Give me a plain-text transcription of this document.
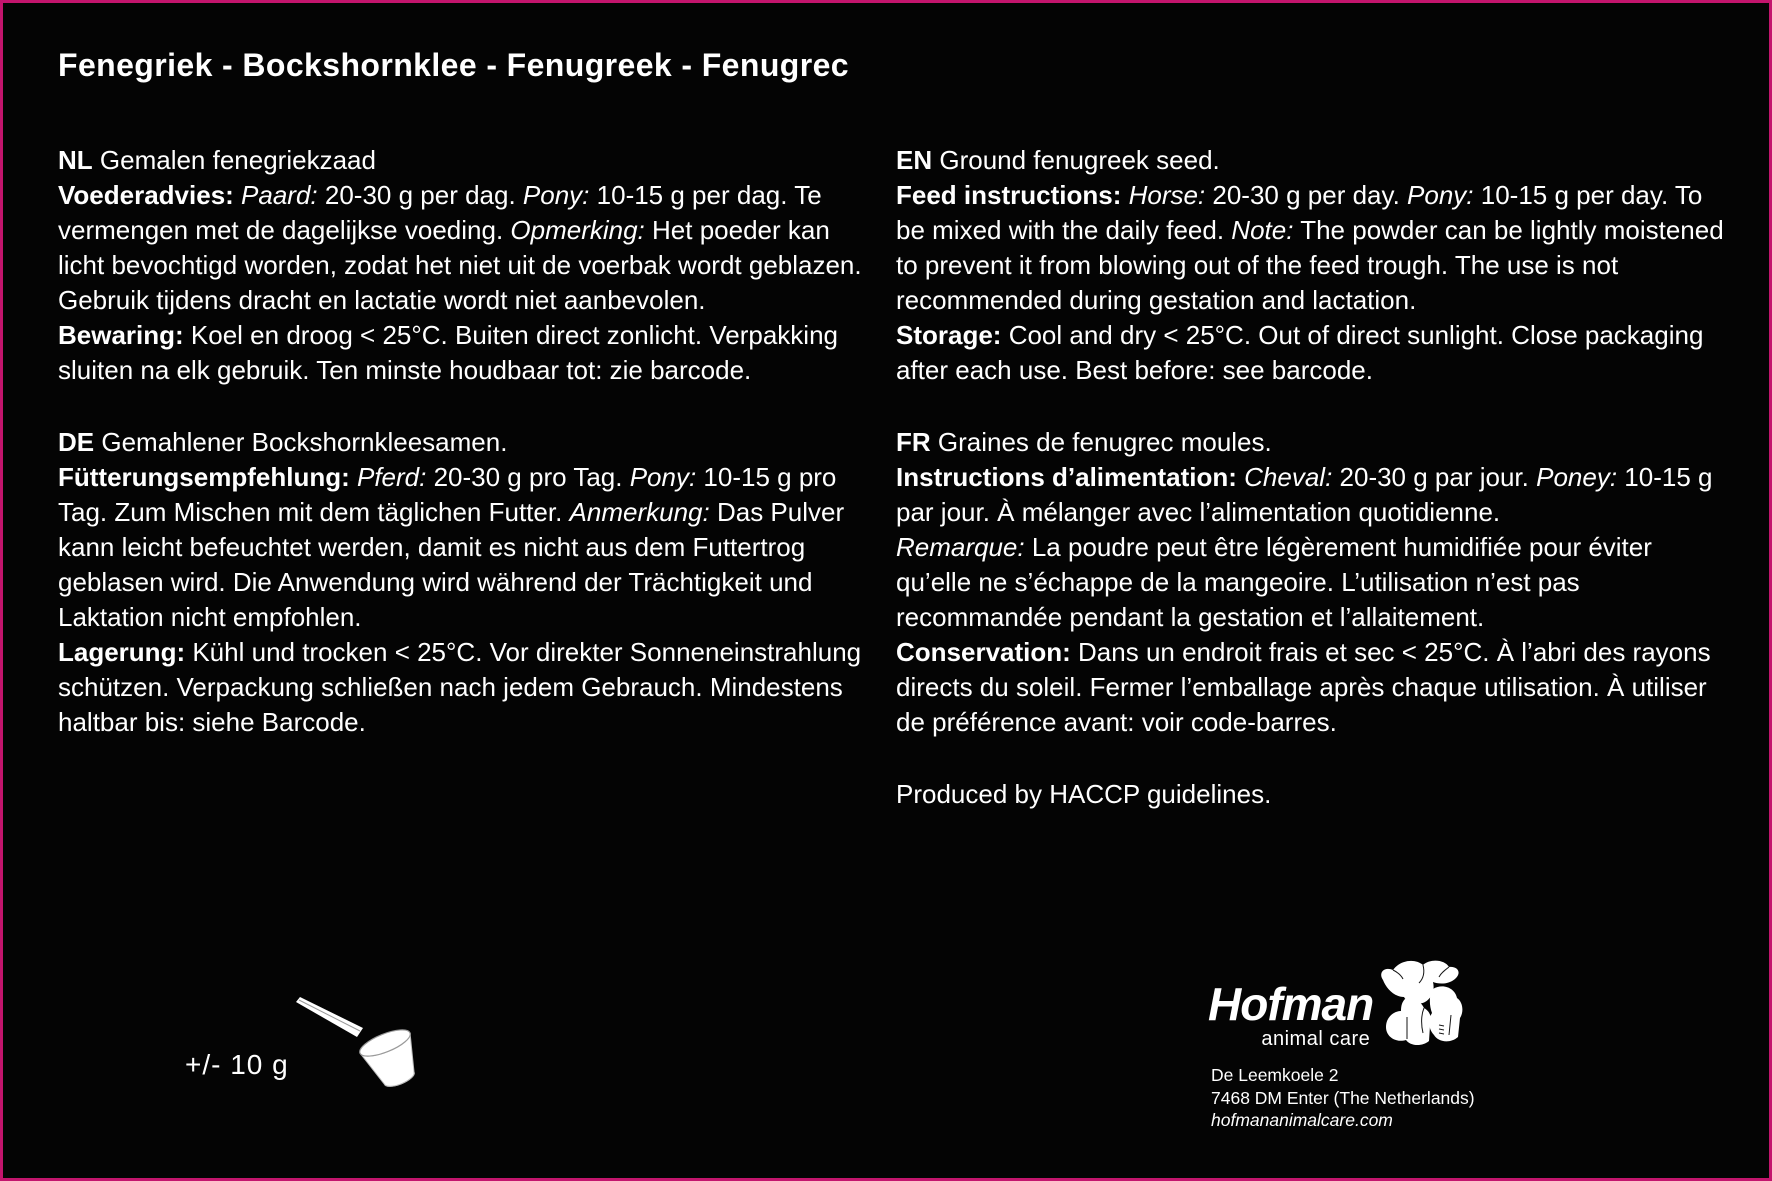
Fenegriek - Bockshornklee - Fenugreek - Fenugrec

NL Gemalen fenegriekzaad

Voederadvies: Paard: 20-30 g per dag. Pony: 10-15 g per dag. Te vermengen met de dagelijkse voeding. Opmerking: Het poeder kan licht bevochtigd worden, zodat het niet uit de voerbak wordt geblazen. Gebruik tijdens dracht en lactatie wordt niet aanbevolen.

Bewaring: Koel en droog < 25°C. Buiten direct zonlicht. Verpakking sluiten na elk gebruik. Ten minste houdbaar tot: zie barcode.

DE Gemahlener Bockshornkleesamen.

Fütterungsempfehlung: Pferd: 20-30 g pro Tag. Pony: 10-15 g pro Tag. Zum Mischen mit dem täglichen Futter. Anmerkung: Das Pulver kann leicht befeuchtet werden, damit es nicht aus dem Futtertrog geblasen wird. Die Anwendung wird während der Trächtigkeit und Laktation nicht empfohlen.

Lagerung: Kühl und trocken < 25°C. Vor direkter Sonneneinstrahlung schützen. Verpackung schließen nach jedem Gebrauch. Mindestens haltbar bis: siehe Barcode.

EN Ground fenugreek seed.

Feed instructions: Horse: 20-30 g per day. Pony: 10-15 g per day. To be mixed with the daily feed. Note: The powder can be lightly moistened to prevent it from blowing out of the feed trough. The use is not recommended during gestation and lactation.

Storage: Cool and dry < 25°C. Out of direct sunlight. Close packaging after each use. Best before: see barcode.

FR Graines de fenugrec moules.

Instructions d’alimentation: Cheval: 20-30 g par jour. Poney: 10-15 g par jour. À mélanger avec l’alimentation quotidienne.

Remarque: La poudre peut être légèrement humidifiée pour éviter qu’elle ne s’échappe de la mangeoire. L’utilisation n’est pas recommandée pendant la gestation et l’allaitement.

Conservation: Dans un endroit frais et sec < 25°C. À l’abri des rayons directs du soleil. Fermer l’emballage après chaque utilisation. À utiliser de préférence avant: voir code-barres.

Produced by HACCP guidelines.

+/- 10 g
Hofman
animal care
De Leemkoele 2
7468 DM Enter (The Netherlands)
hofmananimalcare.com
